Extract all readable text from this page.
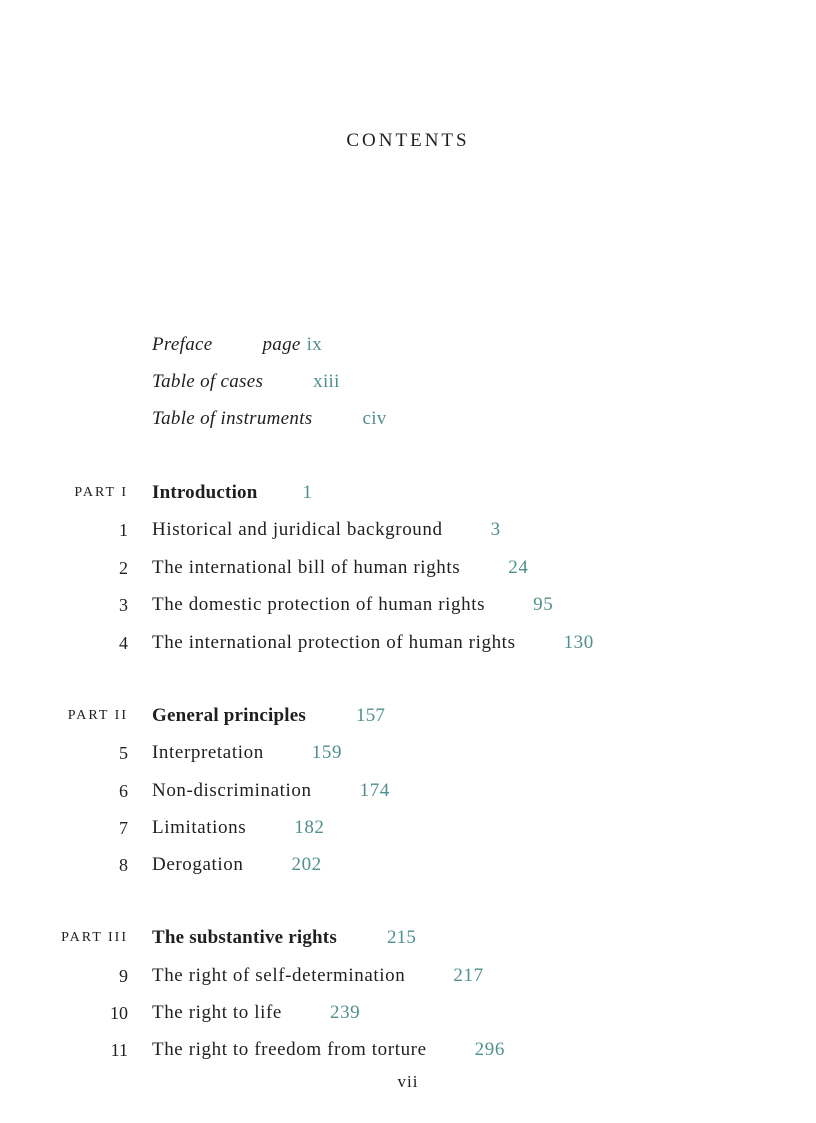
CONTENTS
Preface	page ix
Table of cases	xiii
Table of instruments	civ
PART I Introduction 1
1 Historical and juridical background	3
2 The international bill of human rights	24
3 The domestic protection of human rights	95
4 The international protection of human rights	130
PART II General principles	157
5 Interpretation	159
6 Non-discrimination	174
7 Limitations	182
8 Derogation	202
PART III The substantive rights	215
9 The right of self-determination	217
10 The right to life	239
11 The right to freedom from torture	296
vii
